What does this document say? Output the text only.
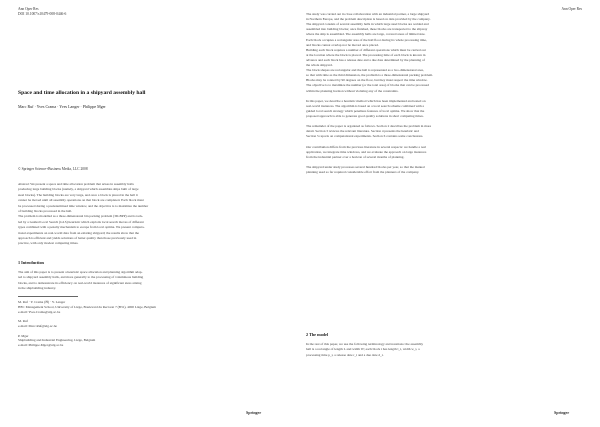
Ann Oper Res
DOI 10.1007/s10479-008-0446-6
Space and time allocation in a shipyard assembly hall
Marc Ruf · Yves Crama · Yves Langer · Philippe Mger
© Springer Science+Business Media, LLC 2008
Abstract We present a space and time allocation problem that arises in assembly halls
producing large building blocks (namely, a shipyard which assembles ships built of large
steel blocks). The building blocks are very large, and once a block is placed in the hall it
cannot be moved until all assembly operations on that block are completed. Each block must
be processed during a predetermined time window, and the objective is to maximize the number
of building blocks processed in the hall.
The problem is modelled as a three-dimensional bin packing problem (3D-BPP) and is tack-
led by a Guided Local Search (GLS) heuristic which exploits local search moves of different
types combined with a penalty mechanism to escape from local optima. We present computa-
tional experiments on real-world data from an existing shipyard; the results show that the
approach is efficient and yields solutions of better quality than those previously used in
practice, with only modest computing times.
1 Introduction
The aim of this paper is to present a heuristic space allocation and planning algorithm adap-
ted to shipyard assembly halls, and more generally to the processing of voluminous building
blocks, and to demonstrate its efficiency on real-world instances of significant sizes arising
in the shipbuilding industry.
M. Ruf · Y. Crama (✉) · Y. Langer
HEC Management School, University of Liège, Boulevard du Rectorat 7 (B31), 4000 Liège, Belgium
e-mail: Yves.Crama@ulg.ac.be
M. Ruf
e-mail: Marc.Ruf@ulg.ac.be
P. Mger
Shipbuilding and Industrial Engineering, Liège, Belgium
e-mail: Philippe.Mger@ulg.ac.be
Springer
Ann Oper Res
The study was carried out in close collaboration with an industrial partner, a large shipyard
in Northern Europe, and the problem description is based on data provided by the company.
The shipyard consists of several assembly halls in which large steel blocks are welded and
assembled into building blocks; once finished, these blocks are transported to the slipway
where the ship is assembled. The assembly halls are large, covered areas of limited size.
Each block occupies a rectangular area of the hall floor during its whole processing time,
and blocks cannot overlap nor be moved once placed.
Building each block requires a number of different operations which must be carried out
at the location where the block is placed. The processing time of each block is known in
advance and each block has a release date and a due date determined by the planning of
the whole shipyard.
The block shapes are rectangular and the hall is represented as a two-dimensional area,
so that with time as the third dimension, the problem is a three-dimensional packing problem.
Blocks may be rotated by 90 degrees on the floor, but they must respect the time window.
The objective is to maximize the number (or the total area) of blocks that can be processed
within the planning horizon without violating any of the constraints.
In this paper, we describe a heuristic method which has been implemented and tested on
real-world instances. The algorithm is based on a local search scheme combined with a
guided local search strategy which penalizes features of local optima. We show that the
proposed approach is able to generate good quality solutions in short computing times.
The remainder of the paper is organized as follows. Section 2 describes the problem in more
detail. Section 3 reviews the relevant literature. Section 4 presents the heuristic and
Section 5 reports on computational experiments. Section 6 contains some conclusions.
Our contribution differs from the previous literature in several respects: we handle a real
application, we integrate time windows, and we evaluate the approach on large instances
from the industrial partner over a horizon of several months of planning.
The shipyard under study processes several hundred blocks per year, so that the manual
planning used so far required considerable effort from the planners of the company.
2 The model
In the rest of this paper, we use the following terminology and notations: the assembly
hall is a rectangle of length L and width W; each block i has length l_i, width w_i, a
processing time p_i, a release date r_i and a due date d_i.
Springer
